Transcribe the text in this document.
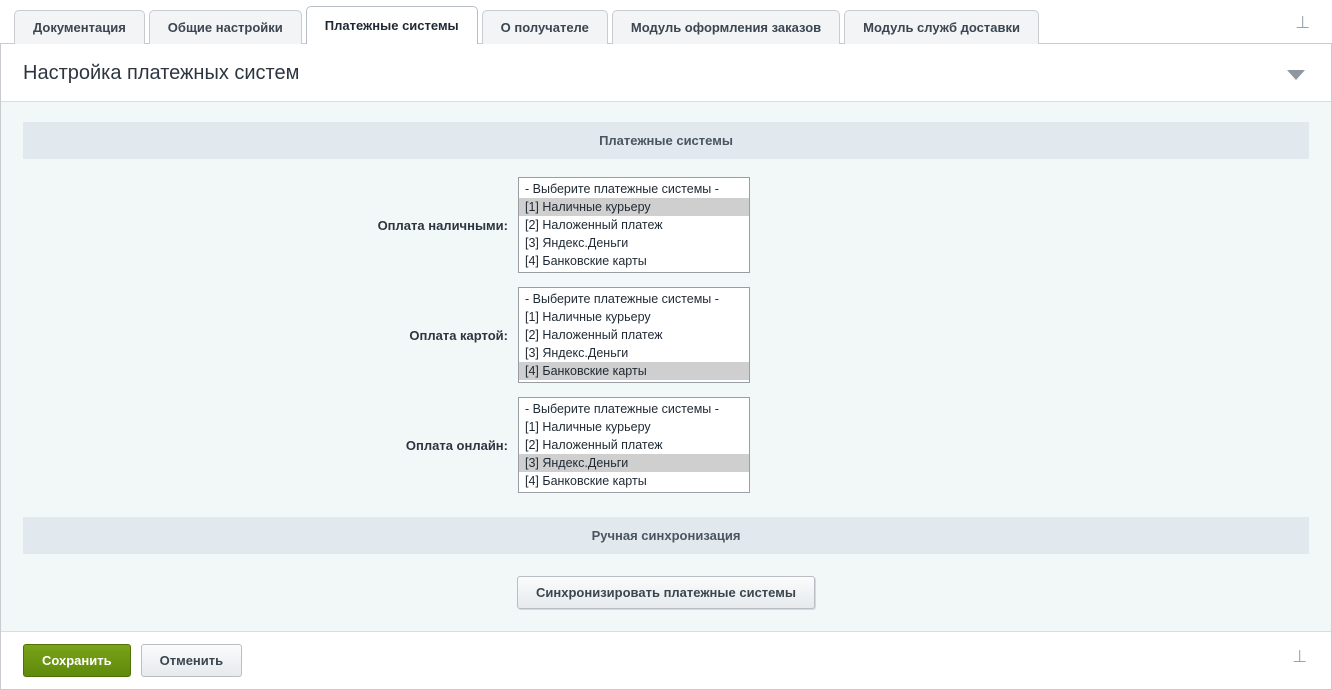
Документация	Общие настройки	Платежные системы	О получателе	Модуль оформления заказов	Модуль служб доставки	⊥
Настройка платежных систем
Платежные системы
Оплата наличными:
- Выберите платежные системы -
[1] Наличные курьеру
[2] Наложенный платеж
[3] Яндекс.Деньги
[4] Банковские карты
Оплата картой:
- Выберите платежные системы -
[1] Наличные курьеру
[2] Наложенный платеж
[3] Яндекс.Деньги
[4] Банковские карты
Оплата онлайн:
- Выберите платежные системы -
[1] Наличные курьеру
[2] Наложенный платеж
[3] Яндекс.Деньги
[4] Банковские карты
Ручная синхронизация
Синхронизировать платежные системы
Сохранить	Отменить	⊥
